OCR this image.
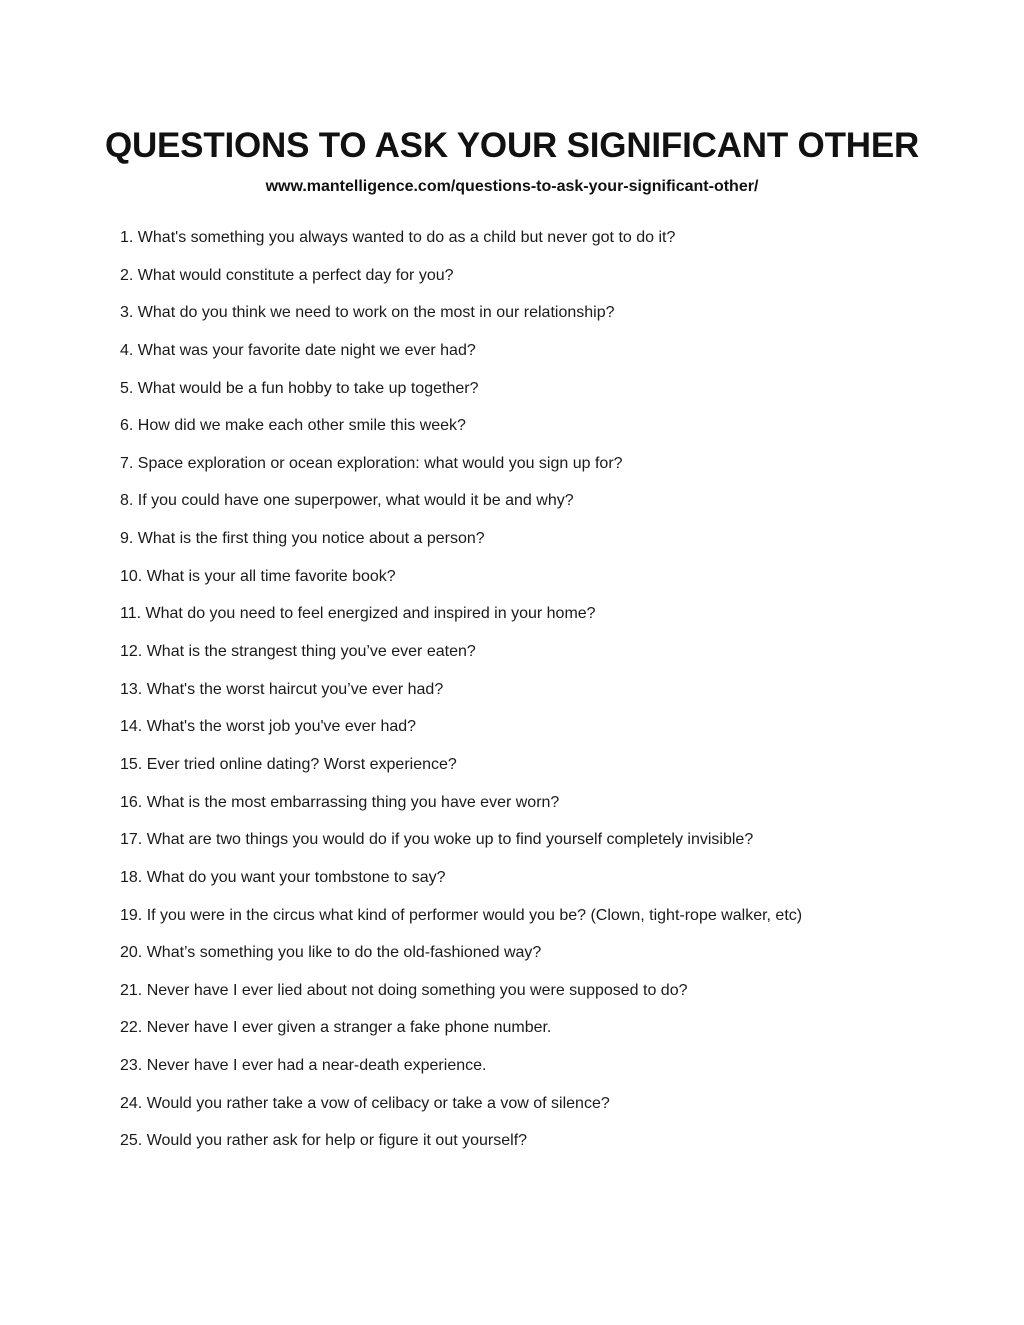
QUESTIONS TO ASK YOUR SIGNIFICANT OTHER
www.mantelligence.com/questions-to-ask-your-significant-other/
1. What's something you always wanted to do as a child but never got to do it?
2. What would constitute a perfect day for you?
3. What do you think we need to work on the most in our relationship?
4. What was your favorite date night we ever had?
5. What would be a fun hobby to take up together?
6. How did we make each other smile this week?
7. Space exploration or ocean exploration: what would you sign up for?
8. If you could have one superpower, what would it be and why?
9. What is the first thing you notice about a person?
10. What is your all time favorite book?
11. What do you need to feel energized and inspired in your home?
12. What is the strangest thing you’ve ever eaten?
13. What's the worst haircut you’ve ever had?
14. What's the worst job you've ever had?
15. Ever tried online dating? Worst experience?
16. What is the most embarrassing thing you have ever worn?
17. What are two things you would do if you woke up to find yourself completely invisible?
18. What do you want your tombstone to say?
19. If you were in the circus what kind of performer would you be? (Clown, tight-rope walker, etc)
20. What’s something you like to do the old-fashioned way?
21. Never have I ever lied about not doing something you were supposed to do?
22. Never have I ever given a stranger a fake phone number.
23. Never have I ever had a near-death experience.
24. Would you rather take a vow of celibacy or take a vow of silence?
25. Would you rather ask for help or figure it out yourself?
